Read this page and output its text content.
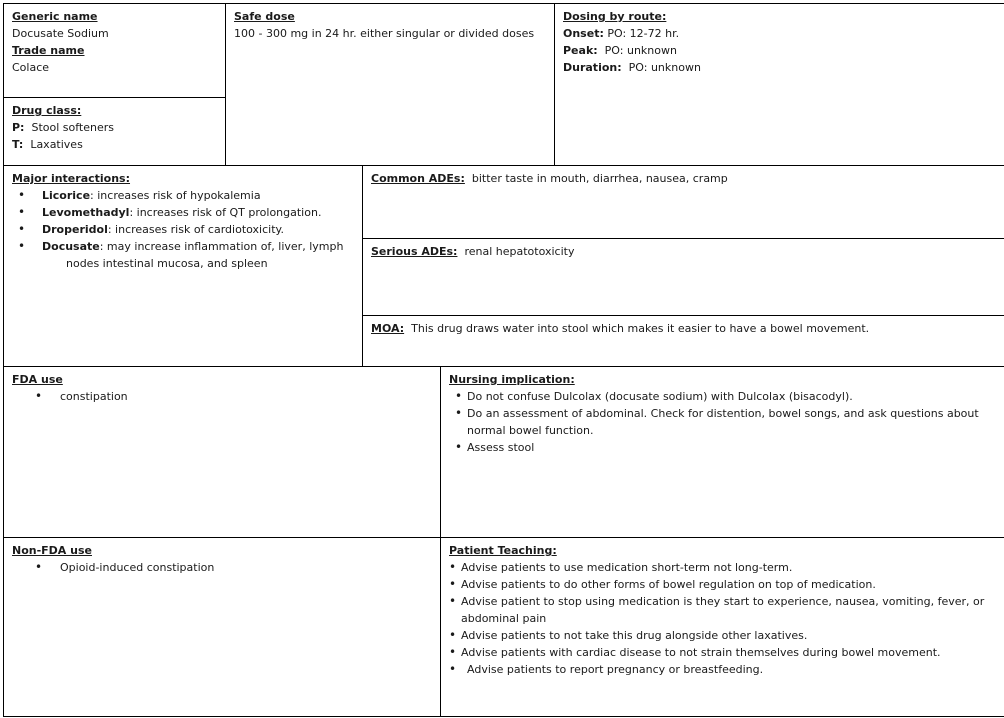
Generic name
Docusate Sodium
Trade name
Colace
Drug class:
P: Stool softeners
T: Laxatives
Safe dose
100 - 300 mg in 24 hr. either singular or divided doses
Dosing by route:
Onset: PO: 12-72 hr.
Peak: PO: unknown
Duration: PO: unknown
Major interactions:
• Licorice: increases risk of hypokalemia
• Levomethadyl: increases risk of QT prolongation.
• Droperidol: increases risk of cardiotoxicity.
• Docusate: may increase inflammation of, liver, lymph
nodes intestinal mucosa, and spleen
Common ADEs: bitter taste in mouth, diarrhea, nausea, cramp
Serious ADEs: renal hepatotoxicity
MOA: This drug draws water into stool which makes it easier to have a bowel movement.
FDA use
• constipation
Nursing implication:
• Do not confuse Dulcolax (docusate sodium) with Dulcolax (bisacodyl).
• Do an assessment of abdominal. Check for distention, bowel songs, and ask questions about
normal bowel function.
• Assess stool
Non-FDA use
• Opioid-induced constipation
Patient Teaching:
• Advise patients to use medication short-term not long-term.
• Advise patients to do other forms of bowel regulation on top of medication.
• Advise patient to stop using medication is they start to experience, nausea, vomiting, fever, or
abdominal pain
• Advise patients to not take this drug alongside other laxatives.
• Advise patients with cardiac disease to not strain themselves during bowel movement.
• Advise patients to report pregnancy or breastfeeding.
